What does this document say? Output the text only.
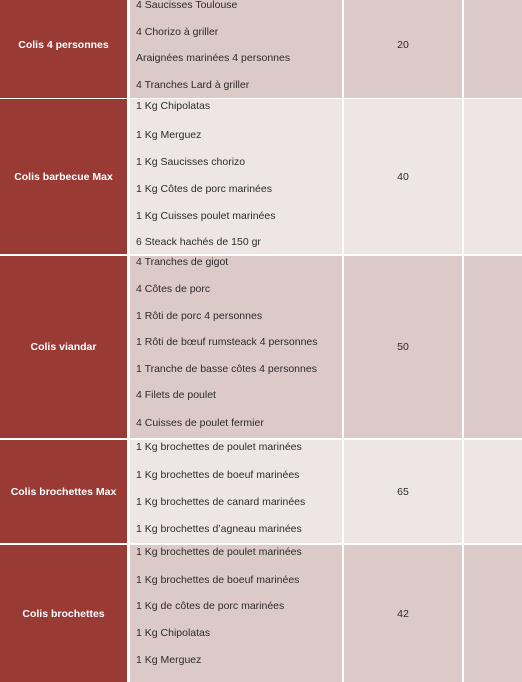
Colis 4 personnes
4 Saucisses Toulouse
4 Chorizo à griller
Araignées marinées 4 personnes
4 Tranches Lard à griller
20
Colis barbecue Max
1 Kg Chipolatas
1 Kg Merguez
1 Kg Saucisses chorizo
1 Kg Côtes de porc marinées
1 Kg Cuisses poulet marinées
6 Steack hachés de 150 gr
40
Colis viandar
4 Tranches de gigot
4 Côtes de porc
1 Rôti de porc 4 personnes
1 Rôti de bœuf rumsteack 4 personnes
1 Tranche de basse côtes 4 personnes
4 Filets de poulet
4 Cuisses de poulet fermier
50
Colis brochettes Max
1 Kg brochettes de poulet marinées
1 Kg brochettes de boeuf marinées
1 Kg brochettes de canard marinées
1 Kg brochettes d’agneau marinées
65
Colis brochettes
1 Kg brochettes de poulet marinées
1 Kg brochettes de boeuf marinées
1 Kg de côtes de porc marinées
1 Kg Chipolatas
1 Kg Merguez
42
